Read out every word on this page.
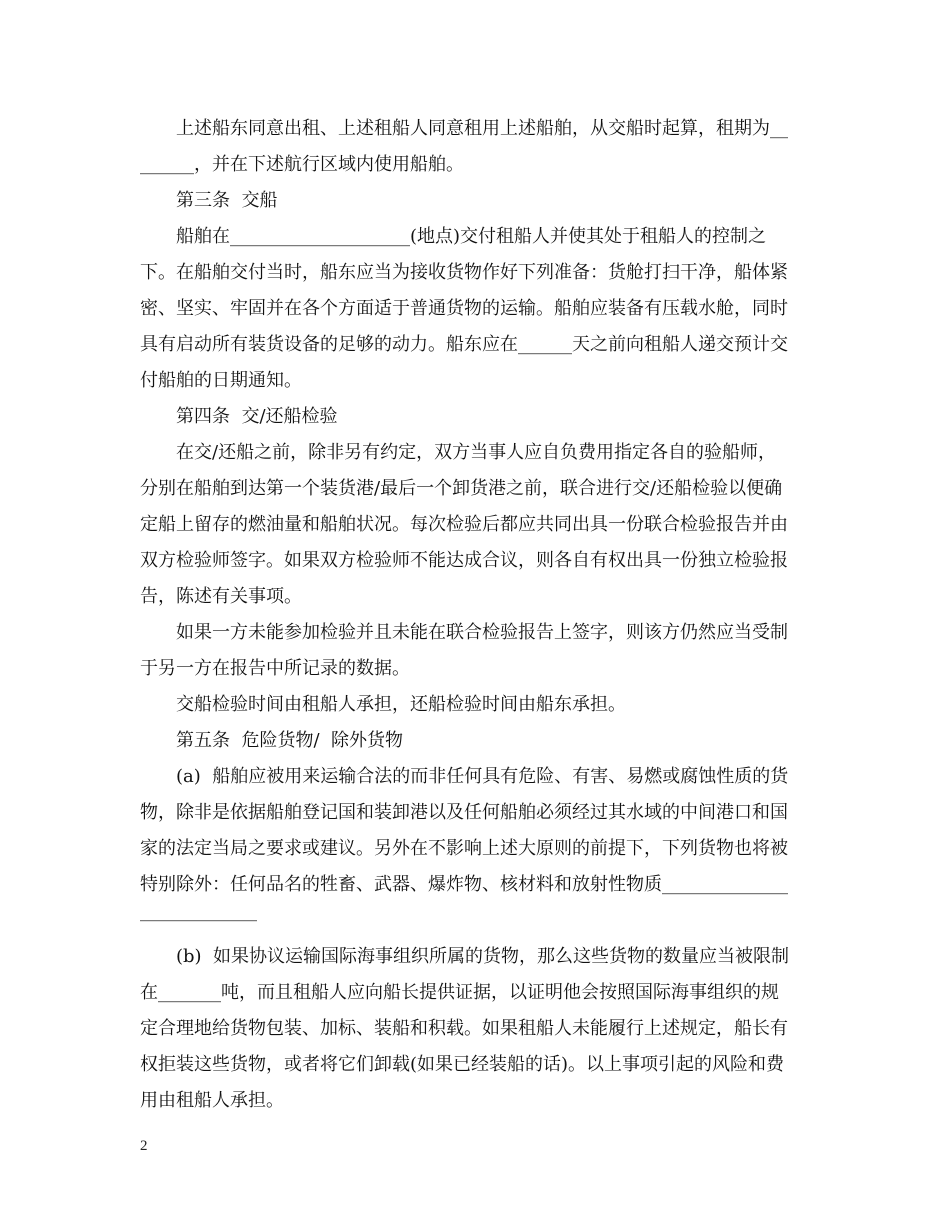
上述船东同意出租、上述租船人同意租用上述船舶，从交船时起算，租期为__
______，并在下述航行区域内使用船舶。
第三条  交船
船舶在____________________(地点)交付租船人并使其处于租船人的控制之
下。在船舶交付当时，船东应当为接收货物作好下列准备：货舱打扫干净，船体紧
密、坚实、牢固并在各个方面适于普通货物的运输。船舶应装备有压载水舱，同时
具有启动所有装货设备的足够的动力。船东应在______天之前向租船人递交预计交
付船舶的日期通知。
第四条  交/还船检验
在交/还船之前，除非另有约定，双方当事人应自负费用指定各自的验船师，
分别在船舶到达第一个装货港/最后一个卸货港之前，联合进行交/还船检验以便确
定船上留存的燃油量和船舶状况。每次检验后都应共同出具一份联合检验报告并由
双方检验师签字。如果双方检验师不能达成合议，则各自有权出具一份独立检验报
告，陈述有关事项。
如果一方未能参加检验并且未能在联合检验报告上签字，则该方仍然应当受制
于另一方在报告中所记录的数据。
交船检验时间由租船人承担，还船检验时间由船东承担。
第五条  危险货物/  除外货物
(a)  船舶应被用来运输合法的而非任何具有危险、有害、易燃或腐蚀性质的货
物，除非是依据船舶登记国和装卸港以及任何船舶必须经过其水域的中间港口和国
家的法定当局之要求或建议。另外在不影响上述大原则的前提下，下列货物也将被
特别除外：任何品名的牲畜、武器、爆炸物、核材料和放射性物质______________
_____________
(b)  如果协议运输国际海事组织所属的货物，那么这些货物的数量应当被限制
在_______吨，而且租船人应向船长提供证据，以证明他会按照国际海事组织的规
定合理地给货物包装、加标、装船和积载。如果租船人未能履行上述规定，船长有
权拒装这些货物，或者将它们卸载(如果已经装船的话)。以上事项引起的风险和费
用由租船人承担。
2
